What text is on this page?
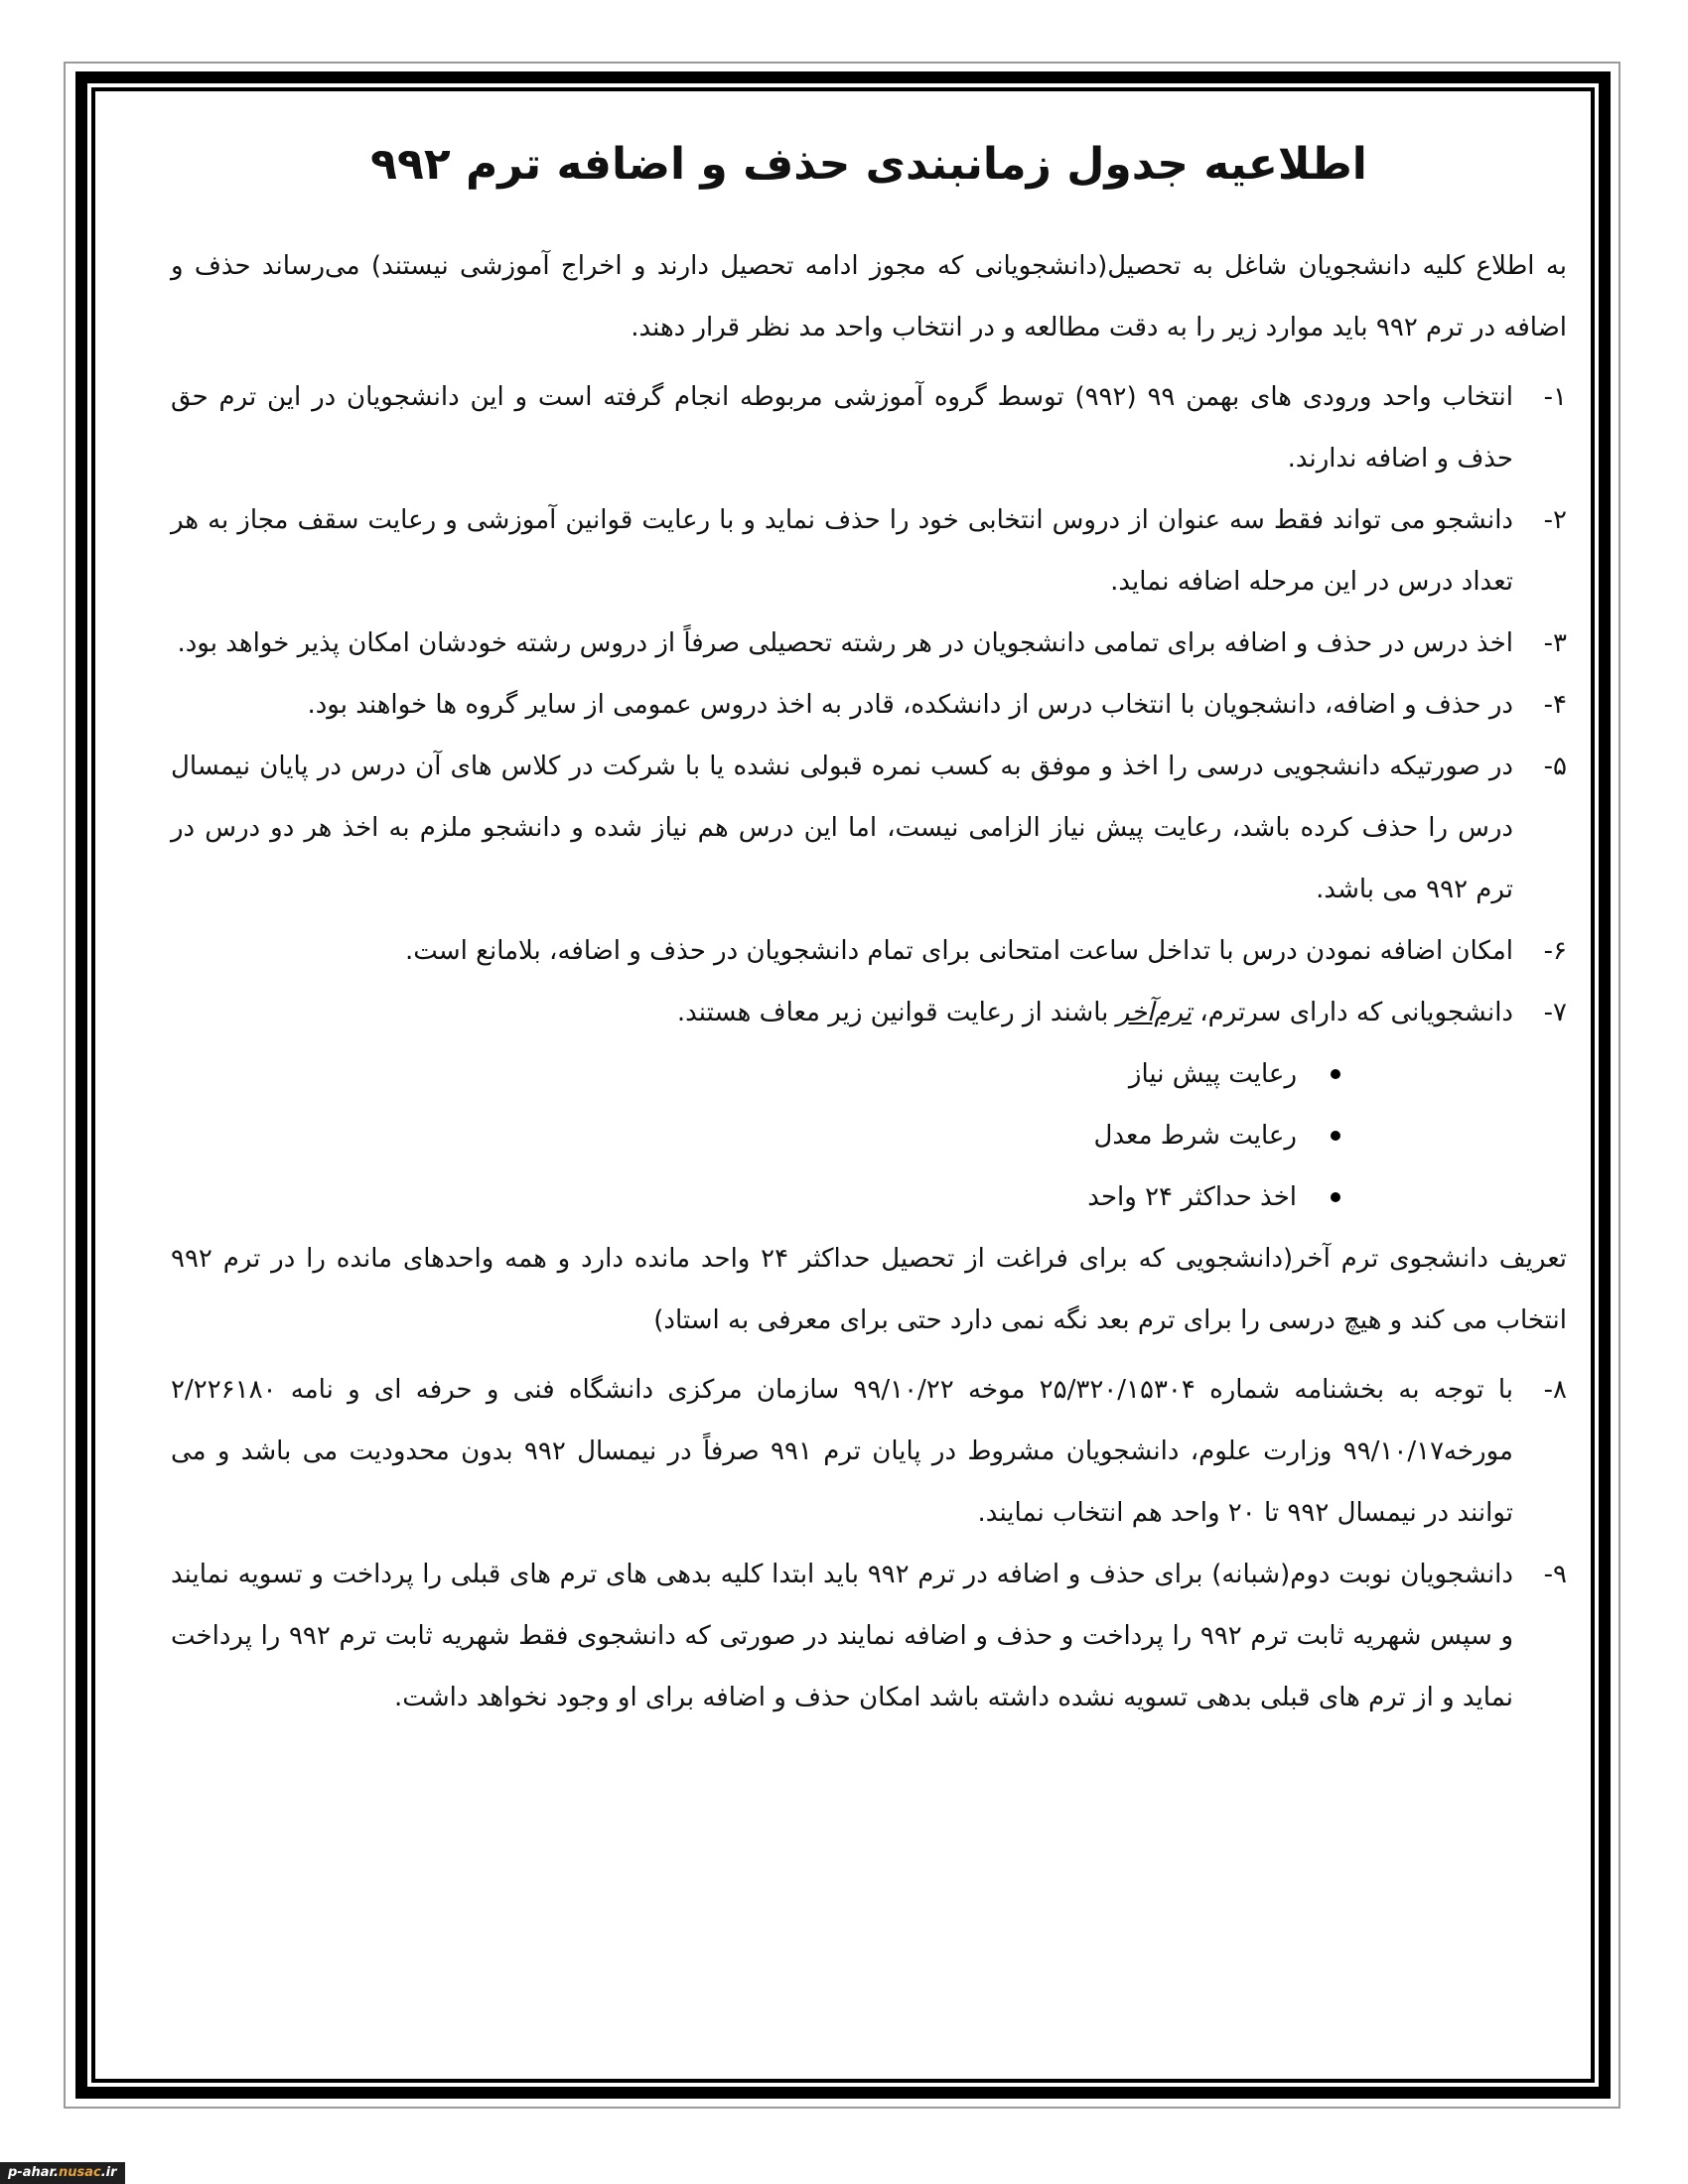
اطلاعیه جدول زمانبندی حذف و اضافه ترم ۹۹۲

به اطلاع کلیه دانشجویان شاغل به تحصیل(دانشجویانی که مجوز ادامه تحصیل دارند و اخراج آموزشی نیستند) می‌رساند حذف و اضافه در ترم ۹۹۲ باید موارد زیر را به دقت مطالعه و در انتخاب واحد مد نظر قرار دهند.

۱-
انتخاب واحد ورودی های بهمن ۹۹ (۹۹۲) توسط گروه آموزشی مربوطه انجام گرفته است و این دانشجویان در این ترم حق حذف و اضافه ندارند.
۲-
دانشجو می تواند فقط سه عنوان از دروس انتخابی خود را حذف نماید و با رعایت قوانین آموزشی و رعایت سقف مجاز به هر تعداد درس در این مرحله اضافه نماید.
۳-
اخذ درس در حذف و اضافه برای تمامی دانشجویان در هر رشته تحصیلی صرفاً از دروس رشته خودشان امکان پذیر خواهد بود.
۴-
در حذف و اضافه، دانشجویان با انتخاب درس از دانشکده، قادر به اخذ دروس عمومی از سایر گروه ها خواهند بود.
۵-
در صورتیکه دانشجویی درسی را اخذ و موفق به کسب نمره قبولی نشده یا با شرکت در کلاس های آن درس در پایان نیمسال درس را حذف کرده باشد، رعایت پیش نیاز الزامی نیست، اما این درس هم نیاز شده و دانشجو ملزم به اخذ هر دو درس در ترم ۹۹۲ می باشد.
۶-
امکان اضافه نمودن درس با تداخل ساعت امتحانی برای تمام دانشجویان در حذف و اضافه، بلامانع است.
۷-
دانشجویانی که دارای سرترم، ترم‌آخر باشند از رعایت قوانین زیر معاف هستند.
رعایت پیش نیاز
رعایت شرط معدل
اخذ حداکثر ۲۴ واحد

تعریف دانشجوی ترم آخر(دانشجویی که برای فراغت از تحصیل حداکثر ۲۴ واحد مانده دارد و همه واحدهای مانده را در ترم ۹۹۲ انتخاب می کند و هیچ درسی را برای ترم بعد نگه نمی دارد حتی برای معرفی به استاد)

۸-
با توجه به بخشنامه شماره ۲۵/۳۲۰/۱۵۳۰۴ موخه ۹۹/۱۰/۲۲ سازمان مرکزی دانشگاه فنی و حرفه ای و نامه ۲/۲۲۶۱۸۰ مورخه۹۹/۱۰/۱۷ وزارت علوم، دانشجویان مشروط در پایان ترم ۹۹۱ صرفاً در نیمسال ۹۹۲ بدون محدودیت می باشد و می توانند در نیمسال ۹۹۲ تا ۲۰ واحد هم انتخاب نمایند.
۹-
دانشجویان نوبت دوم(شبانه) برای حذف و اضافه در ترم ۹۹۲ باید ابتدا کلیه بدهی های ترم های قبلی را پرداخت و تسویه نمایند و سپس شهریه ثابت ترم ۹۹۲ را پرداخت و حذف و اضافه نمایند در صورتی که دانشجوی فقط شهریه ثابت ترم ۹۹۲ را پرداخت نماید و از ترم های قبلی بدهی تسویه نشده داشته باشد امکان حذف و اضافه برای او وجود نخواهد داشت.
p-ahar.nusac.ir
